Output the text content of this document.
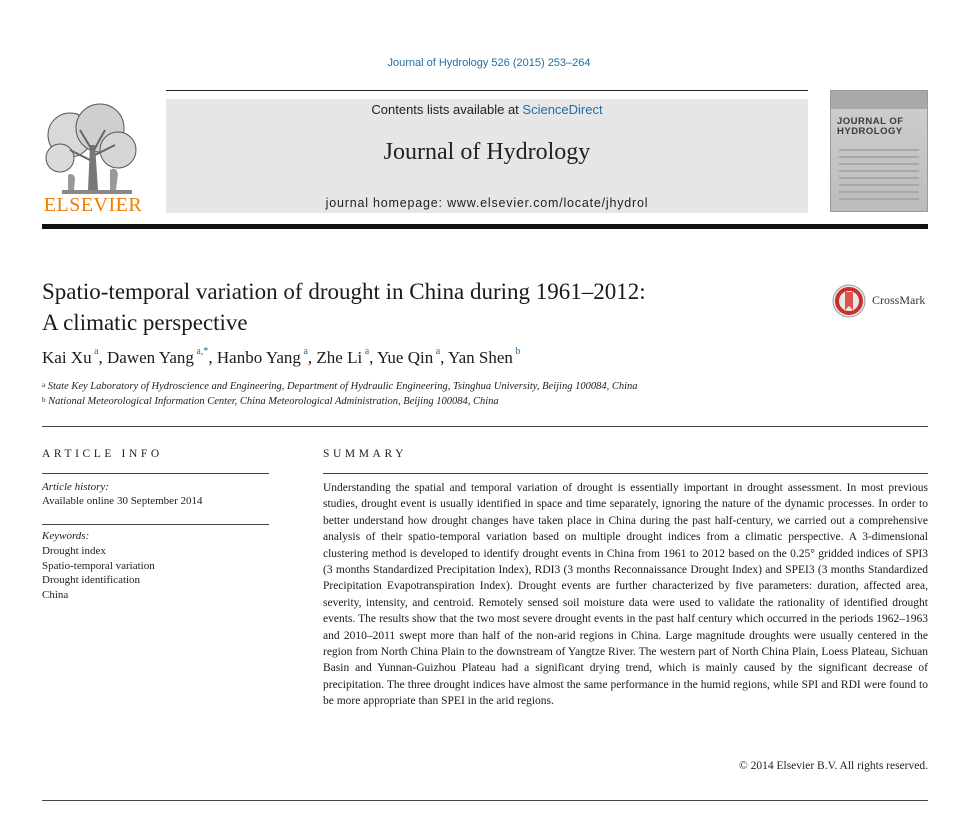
Journal of Hydrology 526 (2015) 253–264
ELSEVIER
Contents lists available at ScienceDirect
Journal of Hydrology
journal homepage: www.elsevier.com/locate/jhydrol
JOURNAL OF
HYDROLOGY
Spatio-temporal variation of drought in China during 1961–2012:
A climatic perspective
CrossMark
Kai Xu $^a$, Dawen Yang $^{a,*}$, Hanbo Yang $^a$, Zhe Li $^a$, Yue Qin $^a$, Yan Shen $^b$
$^a$ State Key Laboratory of Hydroscience and Engineering, Department of Hydraulic Engineering, Tsinghua University, Beijing 100084, China
$^b$ National Meteorological Information Center, China Meteorological Administration, Beijing 100084, China
ARTICLE INFO
Article history:
Available online 30 September 2014
Keywords:
Drought index
Spatio-temporal variation
Drought identification
China
SUMMARY
Understanding the spatial and temporal variation of drought is essentially important in drought assessment. In most previous studies, drought event is usually identified in space and time separately, ignoring the nature of the dynamic processes. In order to better understand how drought changes have taken place in China during the past half-century, we carried out a comprehensive analysis of their spatio-temporal variation based on multiple drought indices from a climatic perspective. A 3-dimensional clustering method is developed to identify drought events in China from 1961 to 2012 based on the 0.25° gridded indices of SPI3 (3 months Standardized Precipitation Index), RDI3 (3 months Reconnaissance Drought Index) and SPEI3 (3 months Standardized Precipitation Evapotranspiration Index). Drought events are further characterized by five parameters: duration, affected area, severity, intensity, and centroid. Remotely sensed soil moisture data were used to validate the rationality of identified drought events. The results show that the two most severe drought events in the past half century which occurred in the periods 1962–1963 and 2010–2011 swept more than half of the non-arid regions in China. Large magnitude droughts were usually centered in the region from North China Plain to the downstream of Yangtze River. The western part of North China Plain, Loess Plateau, Sichuan Basin and Yunnan-Guizhou Plateau had a significant drying trend, which is mainly caused by the significant decrease of precipitation. The three drought indices have almost the same performance in the humid regions, while SPI and RDI were found to be more appropriate than SPEI in the arid regions.
© 2014 Elsevier B.V. All rights reserved.
